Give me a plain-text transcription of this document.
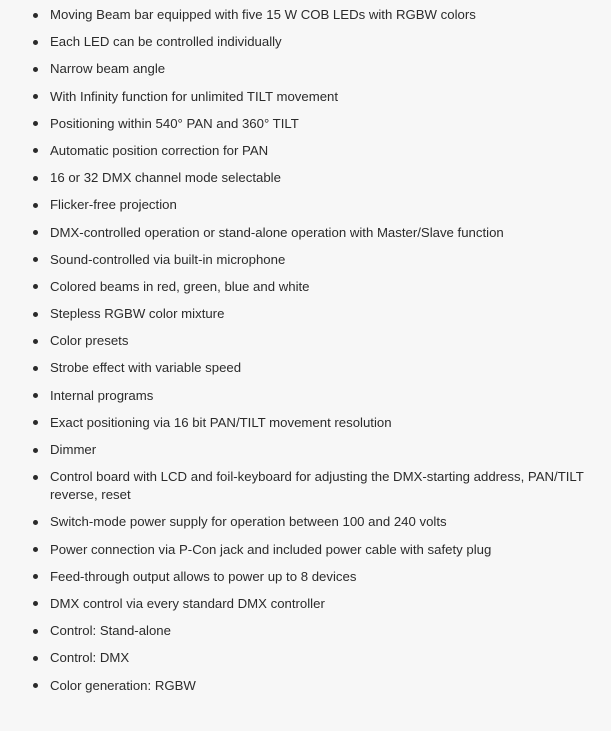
Moving Beam bar equipped with five 15 W COB LEDs with RGBW colors
Each LED can be controlled individually
Narrow beam angle
With Infinity function for unlimited TILT movement
Positioning within 540° PAN and 360° TILT
Automatic position correction for PAN
16 or 32 DMX channel mode selectable
Flicker-free projection
DMX-controlled operation or stand-alone operation with Master/Slave function
Sound-controlled via built-in microphone
Colored beams in red, green, blue and white
Stepless RGBW color mixture
Color presets
Strobe effect with variable speed
Internal programs
Exact positioning via 16 bit PAN/TILT movement resolution
Dimmer
Control board with LCD and foil-keyboard for adjusting the DMX-starting address, PAN/TILT reverse, reset
Switch-mode power supply for operation between 100 and 240 volts
Power connection via P-Con jack and included power cable with safety plug
Feed-through output allows to power up to 8 devices
DMX control via every standard DMX controller
Control: Stand-alone
Control: DMX
Color generation: RGBW
